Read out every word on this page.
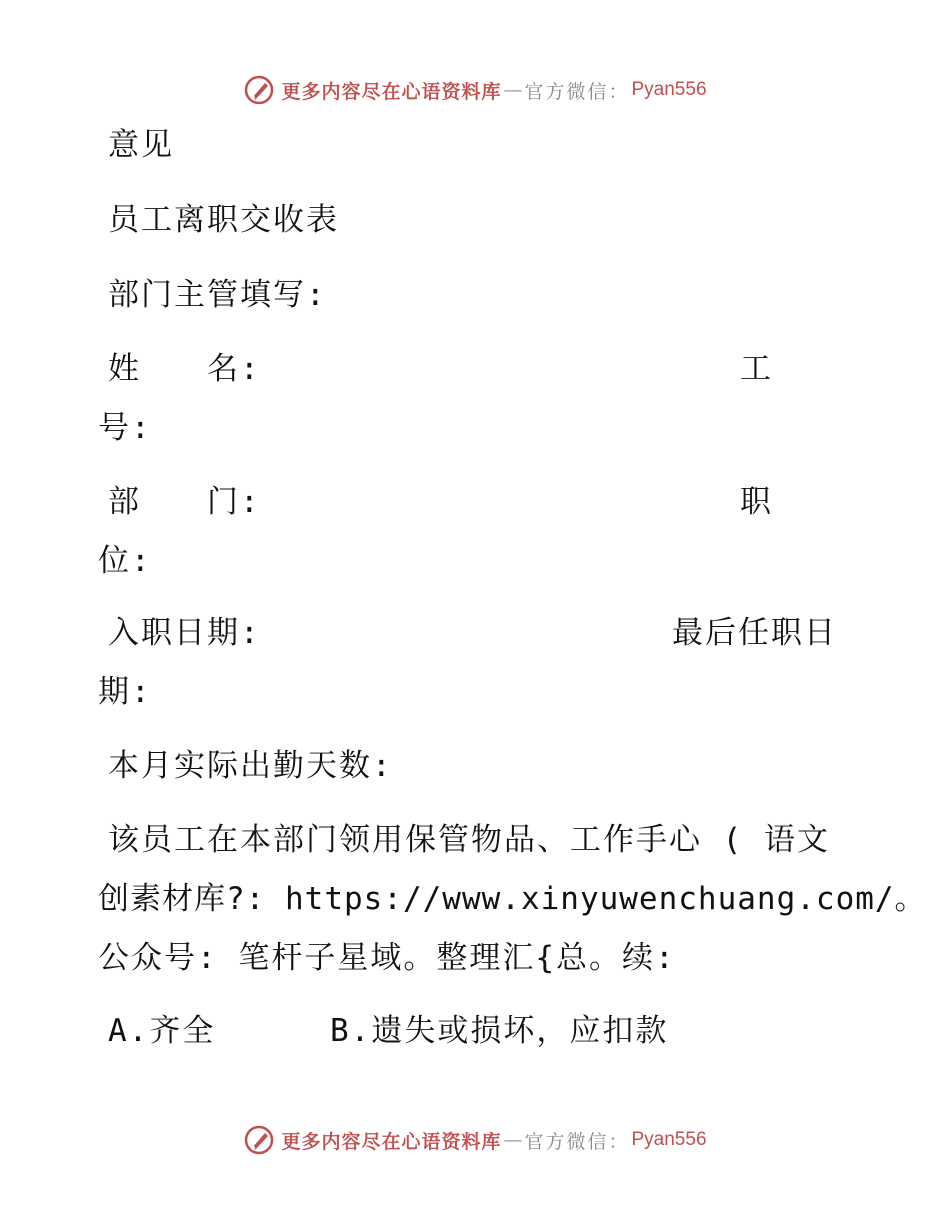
更多内容尽在心语资料库 — 官方微信： Pyan556
意见
员工离职交收表
部门主管填写:
姓　　名:	工
号:
部　　门:	职
位:
入职日期:	最后任职日
期:
本月实际出勤天数:
该员工在本部门领用保管物品、工作手心 ( 语文
创素材库?: https://www.xinyuwenchuang.com/。
公众号: 笔杆子星域。整理汇{总。续:
A.齐全	B.遗失或损坏，应扣款
更多内容尽在心语资料库 — 官方微信： Pyan556
